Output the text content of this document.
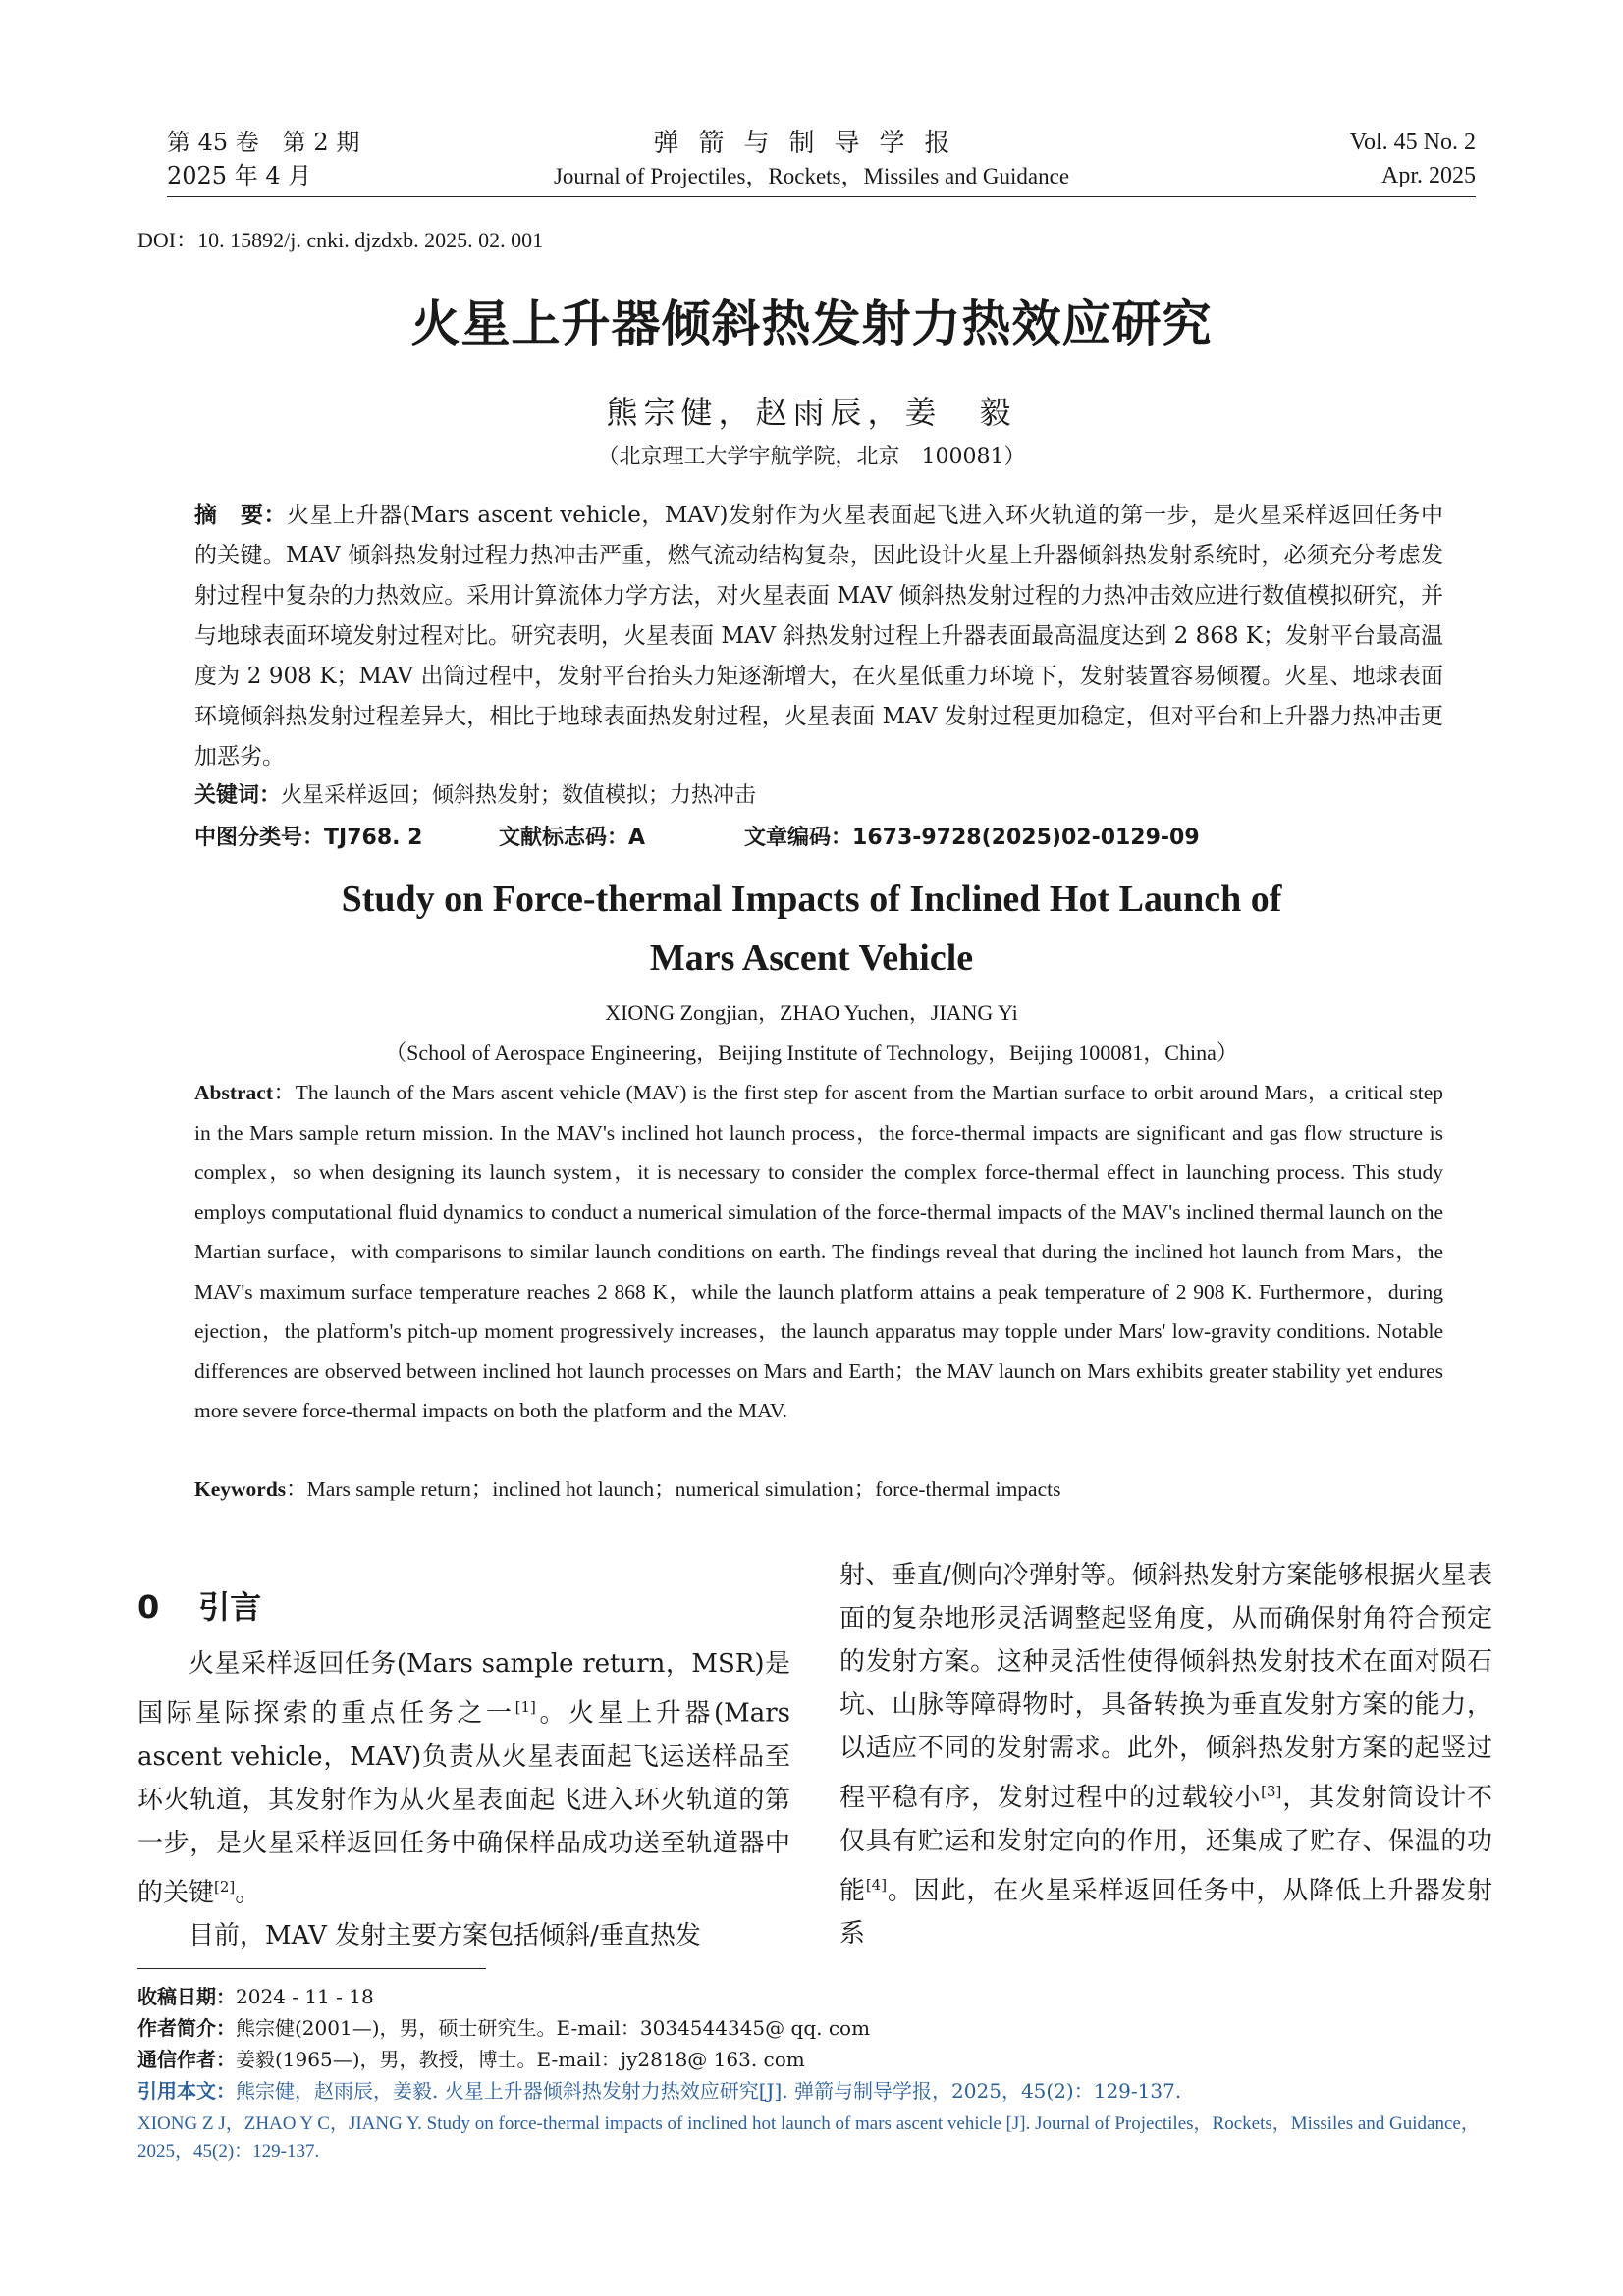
第 45 卷　第 2 期
2025 年 4 月
弹箭与制导学报
Journal of Projectiles，Rockets，Missiles and Guidance
Vol. 45 No. 2
Apr. 2025
DOI：10. 15892/j. cnki. djzdxb. 2025. 02. 001
火星上升器倾斜热发射力热效应研究
熊宗健，赵雨辰，姜　毅
（北京理工大学宇航学院，北京　100081）
摘　要：火星上升器(Mars ascent vehicle，MAV)发射作为火星表面起飞进入环火轨道的第一步，是火星采样返回任务中的关键。MAV 倾斜热发射过程力热冲击严重，燃气流动结构复杂，因此设计火星上升器倾斜热发射系统时，必须充分考虑发射过程中复杂的力热效应。采用计算流体力学方法，对火星表面 MAV 倾斜热发射过程的力热冲击效应进行数值模拟研究，并与地球表面环境发射过程对比。研究表明，火星表面 MAV 斜热发射过程上升器表面最高温度达到 2 868 K；发射平台最高温度为 2 908 K；MAV 出筒过程中，发射平台抬头力矩逐渐增大，在火星低重力环境下，发射装置容易倾覆。火星、地球表面环境倾斜热发射过程差异大，相比于地球表面热发射过程，火星表面 MAV 发射过程更加稳定，但对平台和上升器力热冲击更加恶劣。
关键词：火星采样返回；倾斜热发射；数值模拟；力热冲击
中图分类号：TJ768. 2	文献标志码：A	文章编码：1673-9728(2025)02-0129-09
Study on Force-thermal Impacts of Inclined Hot Launch of
Mars Ascent Vehicle
XIONG Zongjian，ZHAO Yuchen，JIANG Yi
（School of Aerospace Engineering，Beijing Institute of Technology，Beijing 100081，China）
Abstract：The launch of the Mars ascent vehicle (MAV) is the first step for ascent from the Martian surface to orbit around Mars，a critical step in the Mars sample return mission. In the MAV's inclined hot launch process，the force-thermal impacts are significant and gas flow structure is complex，so when designing its launch system，it is necessary to consider the complex force-thermal effect in launching process. This study employs computational fluid dynamics to conduct a numerical simulation of the force-thermal impacts of the MAV's inclined thermal launch on the Martian surface，with comparisons to similar launch conditions on earth. The findings reveal that during the inclined hot launch from Mars，the MAV's maximum surface temperature reaches 2 868 K，while the launch platform attains a peak temperature of 2 908 K. Furthermore，during ejection，the platform's pitch-up moment progressively increases，the launch apparatus may topple under Mars' low-gravity conditions. Notable differences are observed between inclined hot launch processes on Mars and Earth；the MAV launch on Mars exhibits greater stability yet endures more severe force-thermal impacts on both the platform and the MAV.
Keywords：Mars sample return；inclined hot launch；numerical simulation；force-thermal impacts
0 引言

火星采样返回任务(Mars sample return，MSR)是国际星际探索的重点任务之一[1]。火星上升器(Mars ascent vehicle，MAV)负责从火星表面起飞运送样品至环火轨道，其发射作为从火星表面起飞进入环火轨道的第一步，是火星采样返回任务中确保样品成功送至轨道器中的关键[2]。

目前，MAV 发射主要方案包括倾斜/垂直热发

射、垂直/侧向冷弹射等。倾斜热发射方案能够根据火星表面的复杂地形灵活调整起竖角度，从而确保射角符合预定的发射方案。这种灵活性使得倾斜热发射技术在面对陨石坑、山脉等障碍物时，具备转换为垂直发射方案的能力，以适应不同的发射需求。此外，倾斜热发射方案的起竖过程平稳有序，发射过程中的过载较小[3]，其发射筒设计不仅具有贮运和发射定向的作用，还集成了贮存、保温的功能[4]。因此，在火星采样返回任务中，从降低上升器发射系

收稿日期：2024 - 11 - 18
作者简介：熊宗健(2001—)，男，硕士研究生。E-mail：3034544345@ qq. com
通信作者：姜毅(1965—)，男，教授，博士。E-mail：jy2818@ 163. com
引用本文：熊宗健，赵雨辰，姜毅. 火星上升器倾斜热发射力热效应研究[J]. 弹箭与制导学报，2025，45(2)：129-137.
XIONG Z J，ZHAO Y C，JIANG Y. Study on force-thermal impacts of inclined hot launch of mars ascent vehicle [J]. Journal of Projectiles，Rockets，Missiles and Guidance，2025，45(2)：129-137.
